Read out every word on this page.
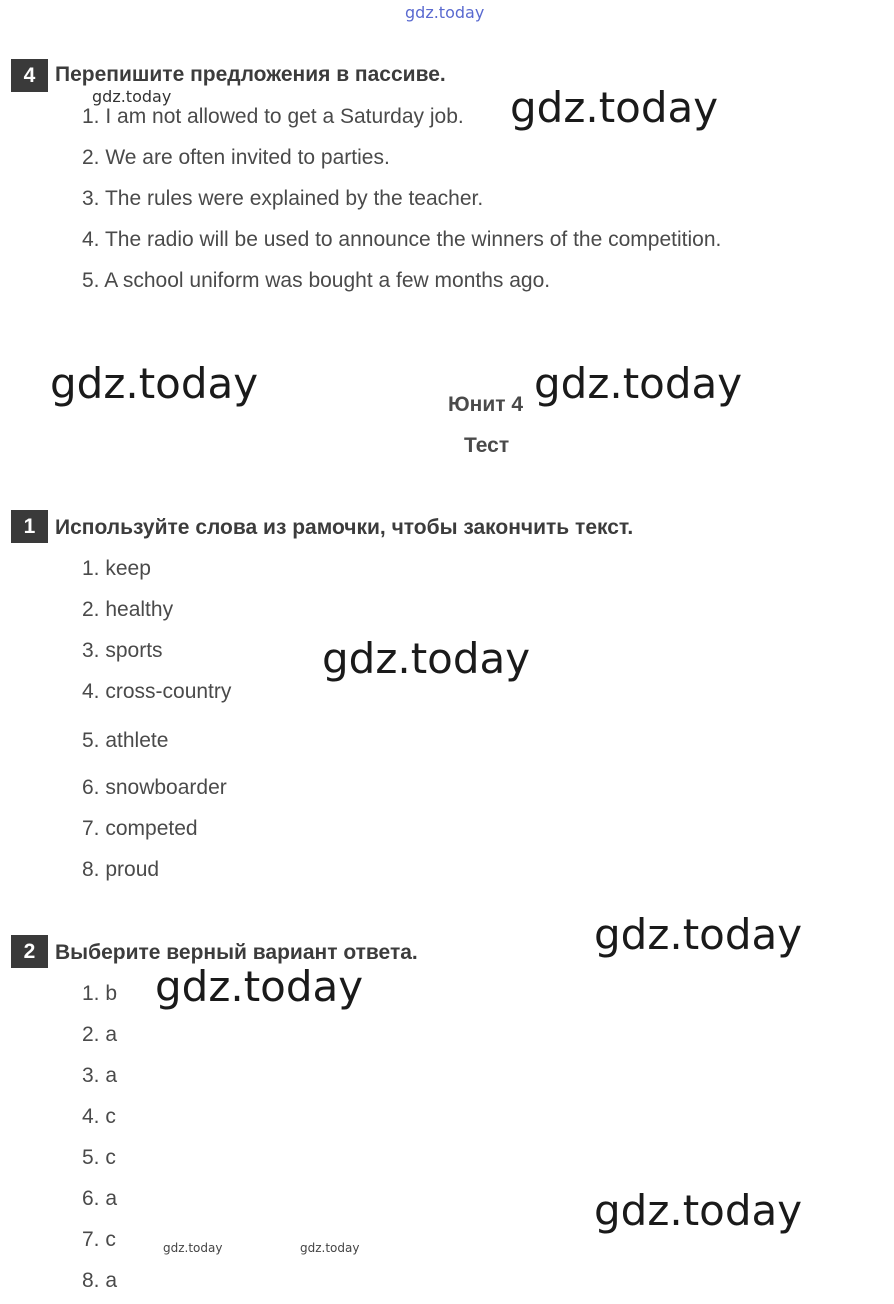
gdz.today
4 Перепишите предложения в пассиве.
gdz.today
1. I am not allowed to get a Saturday job.
2. We are often invited to parties.
3. The rules were explained by the teacher.
4. The radio will be used to announce the winners of the competition.
5. A school uniform was bought a few months ago.
gdz.today
gdz.today	Юнит 4 gdz.today
Тест
1 Используйте слова из рамочки, чтобы закончить текст.
1. keep
2. healthy
3. sports
4. cross-country
5. athlete
6. snowboarder
7. competed
8. proud
gdz.today
2 Выберите верный вариант ответа.	gdz.today
1. b
2. a
3. a
4. c
5. c
6. a
7. c
8. a
gdz.today
gdz.today
gdz.today	gdz.today
